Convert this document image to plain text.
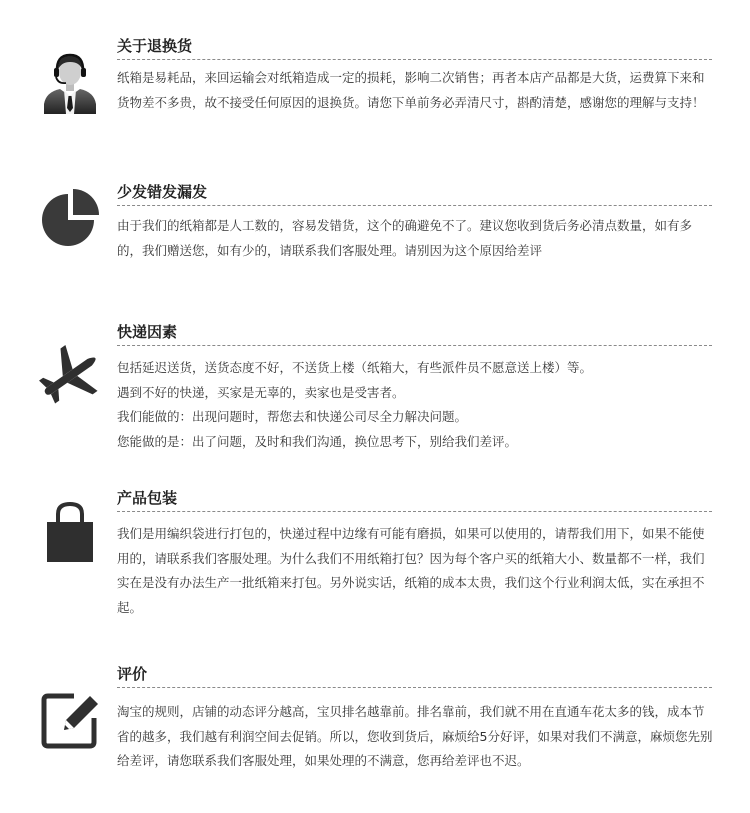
关于退换货

纸箱是易耗品，来回运输会对纸箱造成一定的损耗，影响二次销售；再者本店产品都是大货，运费算下来和货物差不多贵，故不接受任何原因的退换货。请您下单前务必弄清尺寸，斟酌清楚，感谢您的理解与支持！

少发错发漏发

由于我们的纸箱都是人工数的，容易发错货，这个的确避免不了。建议您收到货后务必清点数量，如有多的，我们赠送您，如有少的，请联系我们客服处理。请别因为这个原因给差评

快递因素

包括延迟送货，送货态度不好，不送货上楼（纸箱大，有些派件员不愿意送上楼）等。

遇到不好的快递，买家是无辜的，卖家也是受害者。

我们能做的：出现问题时，帮您去和快递公司尽全力解决问题。

您能做的是：出了问题，及时和我们沟通，换位思考下，别给我们差评。

产品包装

我们是用编织袋进行打包的，快递过程中边缘有可能有磨损，如果可以使用的，请帮我们用下，如果不能使用的，请联系我们客服处理。为什么我们不用纸箱打包？因为每个客户买的纸箱大小、数量都不一样，我们实在是没有办法生产一批纸箱来打包。另外说实话，纸箱的成本太贵，我们这个行业利润太低，实在承担不起。

评价

淘宝的规则，店铺的动态评分越高，宝贝排名越靠前。排名靠前，我们就不用在直通车花太多的钱，成本节省的越多，我们越有利润空间去促销。所以，您收到货后，麻烦给5分好评，如果对我们不满意，麻烦您先别给差评，请您联系我们客服处理，如果处理的不满意，您再给差评也不迟。
